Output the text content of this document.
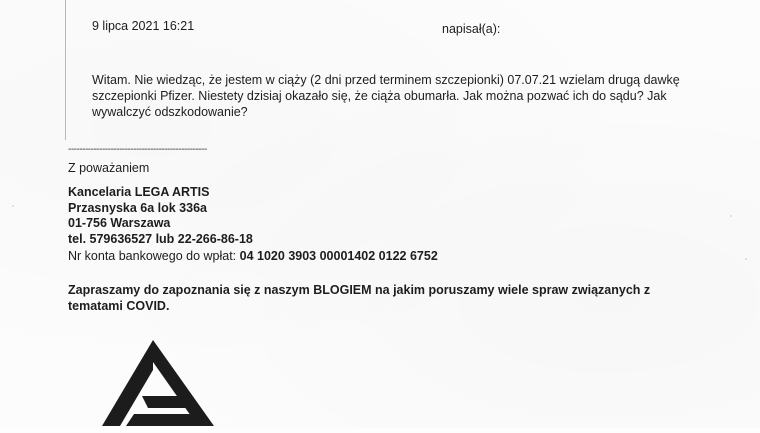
9 lipca 2021 16:21	napisał(a):

Witam. Nie wiedząc, że jestem w ciąży (2 dni przed terminem szczepionki) 07.07.21 wzielam drugą dawkę

szczepionki Pfizer. Niestety dzisiaj okazało się, że ciąża obumarła. Jak można pozwać ich do sądu? Jak

wywalczyć odszkodowanie?

-------------------------------------------------
Z poważaniem
Kancelaria LEGA ARTIS
Przasnyska 6a lok 336a
01-756 Warszawa
tel. 579636527 lub 22-266-86-18
Nr konta bankowego do wpłat: 04 1020 3903 00001402 0122 6752

Zapraszamy do zapoznania się z naszym BLOGIEM na jakim poruszamy wiele spraw związanych z

tematami COVID.
